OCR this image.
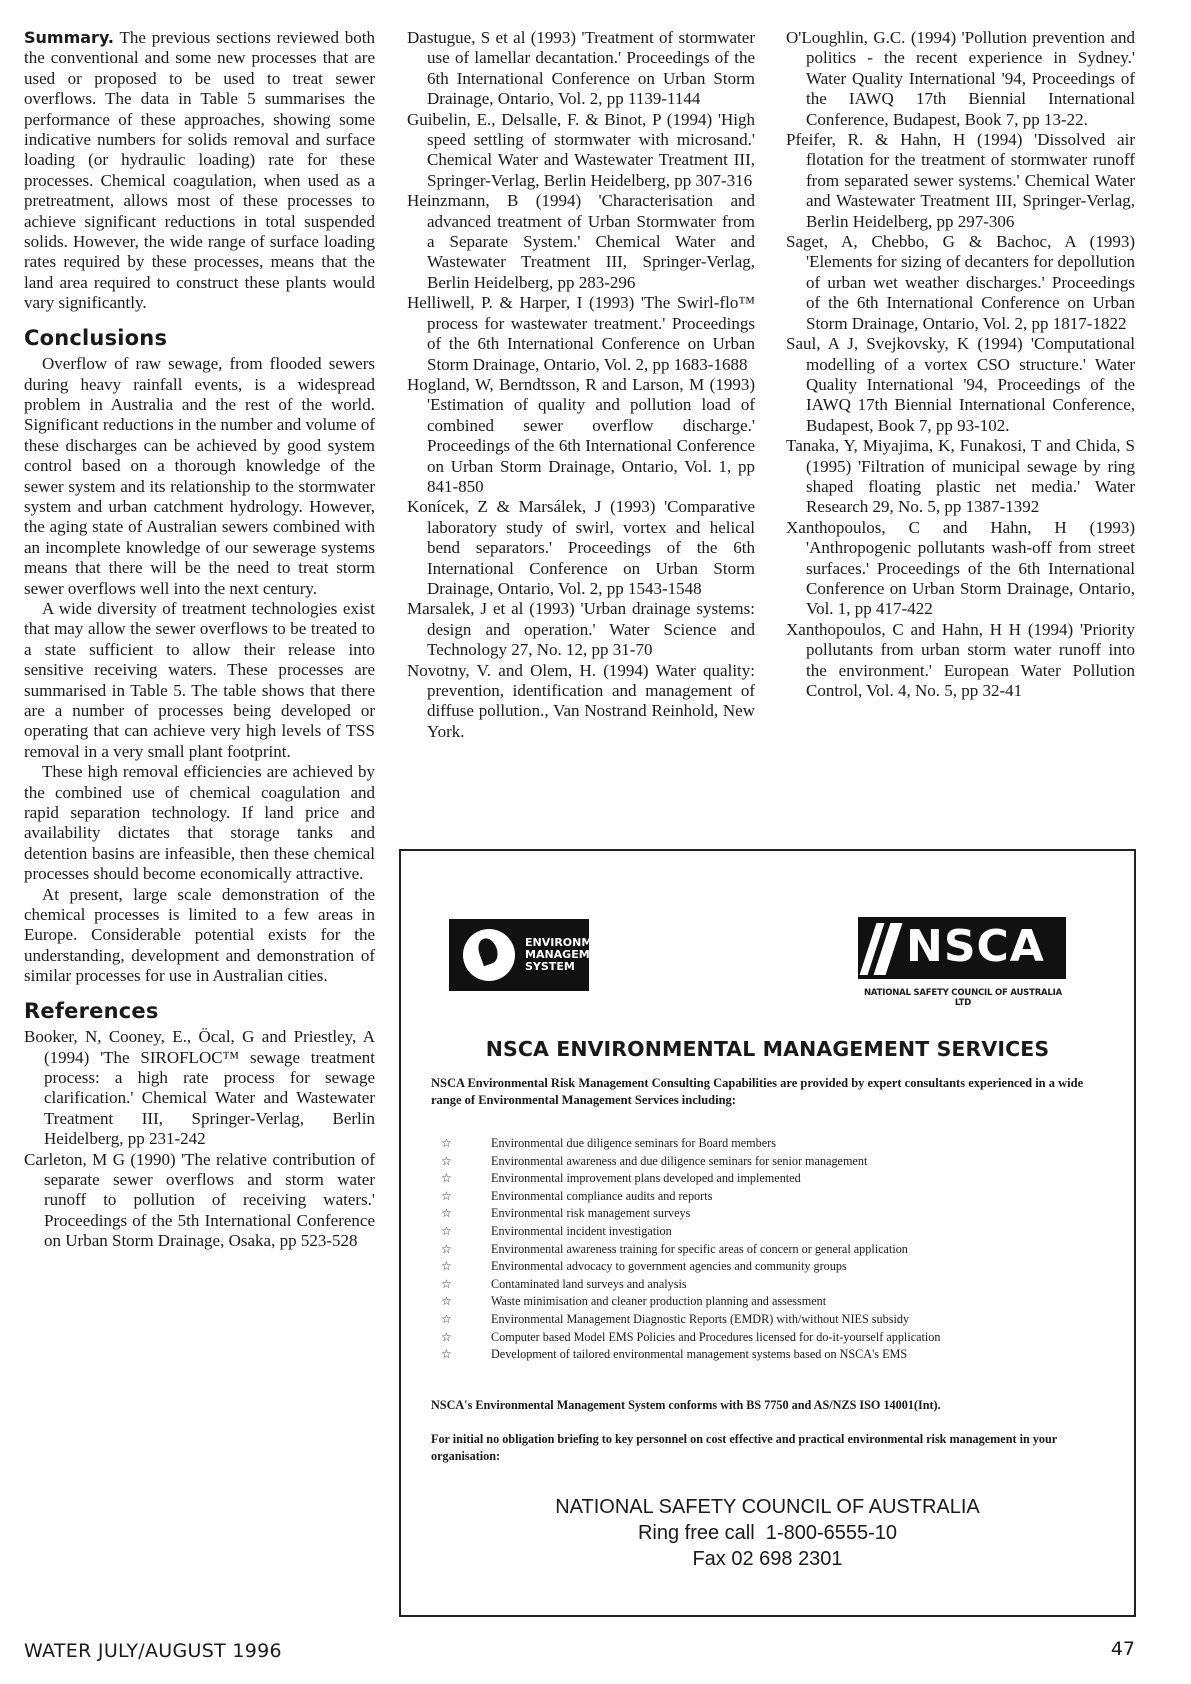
Summary. The previous sections reviewed both the conventional and some new processes that are used or proposed to be used to treat sewer overflows. The data in Table 5 summarises the performance of these approaches, showing some indicative numbers for solids removal and surface loading (or hydraulic loading) rate for these processes. Chemical coagulation, when used as a pretreatment, allows most of these processes to achieve significant reductions in total suspended solids. However, the wide range of surface loading rates required by these processes, means that the land area required to construct these plants would vary significantly.

Conclusions

Overflow of raw sewage, from flooded sewers during heavy rainfall events, is a widespread problem in Australia and the rest of the world. Significant reductions in the number and volume of these discharges can be achieved by good system control based on a thorough knowledge of the sewer system and its relationship to the stormwater system and urban catchment hydrology. However, the aging state of Australian sewers combined with an incomplete knowledge of our sewerage systems means that there will be the need to treat storm sewer overflows well into the next century.

A wide diversity of treatment technologies exist that may allow the sewer overflows to be treated to a state sufficient to allow their release into sensitive receiving waters. These processes are summarised in Table 5. The table shows that there are a number of processes being developed or operating that can achieve very high levels of TSS removal in a very small plant footprint.

These high removal efficiencies are achieved by the combined use of chemical coagulation and rapid separation technology. If land price and availability dictates that storage tanks and detention basins are infeasible, then these chemical processes should become economically attractive.

At present, large scale demonstration of the chemical processes is limited to a few areas in Europe. Considerable potential exists for the understanding, development and demonstration of similar processes for use in Australian cities.

References

Booker, N, Cooney, E., Öcal, G and Priestley, A (1994) 'The SIROFLOC™ sewage treatment process: a high rate process for sewage clarification.' Chemical Water and Wastewater Treatment III, Springer-Verlag, Berlin Heidelberg, pp 231-242

Carleton, M G (1990) 'The relative contribution of separate sewer overflows and storm water runoff to pollution of receiving waters.' Proceedings of the 5th International Conference on Urban Storm Drainage, Osaka, pp 523-528

Dastugue, S et al (1993) 'Treatment of stormwater use of lamellar decantation.' Proceedings of the 6th International Conference on Urban Storm Drainage, Ontario, Vol. 2, pp 1139-1144

Guibelin, E., Delsalle, F. & Binot, P (1994) 'High speed settling of stormwater with microsand.' Chemical Water and Wastewater Treatment III, Springer-Verlag, Berlin Heidelberg, pp 307-316

Heinzmann, B (1994) 'Characterisation and advanced treatment of Urban Stormwater from a Separate System.' Chemical Water and Wastewater Treatment III, Springer-Verlag, Berlin Heidelberg, pp 283-296

Helliwell, P. & Harper, I (1993) 'The Swirl-flo™ process for wastewater treatment.' Proceedings of the 6th International Conference on Urban Storm Drainage, Ontario, Vol. 2, pp 1683-1688

Hogland, W, Berndtsson, R and Larson, M (1993) 'Estimation of quality and pollution load of combined sewer overflow discharge.' Proceedings of the 6th International Conference on Urban Storm Drainage, Ontario, Vol. 1, pp 841-850

Konícek, Z & Marsálek, J (1993) 'Comparative laboratory study of swirl, vortex and helical bend separators.' Proceedings of the 6th International Conference on Urban Storm Drainage, Ontario, Vol. 2, pp 1543-1548

Marsalek, J et al (1993) 'Urban drainage systems: design and operation.' Water Science and Technology 27, No. 12, pp 31-70

Novotny, V. and Olem, H. (1994) Water quality: prevention, identification and management of diffuse pollution., Van Nostrand Reinhold, New York.

O'Loughlin, G.C. (1994) 'Pollution prevention and politics - the recent experience in Sydney.' Water Quality International '94, Proceedings of the IAWQ 17th Biennial International Conference, Budapest, Book 7, pp 13-22.

Pfeifer, R. & Hahn, H (1994) 'Dissolved air flotation for the treatment of stormwater runoff from separated sewer systems.' Chemical Water and Wastewater Treatment III, Springer-Verlag, Berlin Heidelberg, pp 297-306

Saget, A, Chebbo, G & Bachoc, A (1993) 'Elements for sizing of decanters for depollution of urban wet weather discharges.' Proceedings of the 6th International Conference on Urban Storm Drainage, Ontario, Vol. 2, pp 1817-1822

Saul, A J, Svejkovsky, K (1994) 'Computational modelling of a vortex CSO structure.' Water Quality International '94, Proceedings of the IAWQ 17th Biennial International Conference, Budapest, Book 7, pp 93-102.

Tanaka, Y, Miyajima, K, Funakosi, T and Chida, S (1995) 'Filtration of municipal sewage by ring shaped floating plastic net media.' Water Research 29, No. 5, pp 1387-1392

Xanthopoulos, C and Hahn, H (1993) 'Anthropogenic pollutants wash-off from street surfaces.' Proceedings of the 6th International Conference on Urban Storm Drainage, Ontario, Vol. 1, pp 417-422

Xanthopoulos, C and Hahn, H H (1994) 'Priority pollutants from urban storm water runoff into the environment.' European Water Pollution Control, Vol. 4, No. 5, pp 32-41

ENVIRONMENTAL
MANAGEMENT
SYSTEM	NSCA
NATIONAL SAFETY COUNCIL OF AUSTRALIA LTD
NSCA ENVIRONMENTAL MANAGEMENT SERVICES
NSCA Environmental Risk Management Consulting Capabilities are provided by expert consultants experienced in a wide range of Environmental Management Services including:
☆	Environmental due diligence seminars for Board members
☆	Environmental awareness and due diligence seminars for senior management
☆	Environmental improvement plans developed and implemented
☆	Environmental compliance audits and reports
☆	Environmental risk management surveys
☆	Environmental incident investigation
☆	Environmental awareness training for specific areas of concern or general application
☆	Environmental advocacy to government agencies and community groups
☆	Contaminated land surveys and analysis
☆	Waste minimisation and cleaner production planning and assessment
☆	Environmental Management Diagnostic Reports (EMDR) with/without NIES subsidy
☆	Computer based Model EMS Policies and Procedures licensed for do-it-yourself application
☆	Development of tailored environmental management systems based on NSCA's EMS
NSCA's Environmental Management System conforms with BS 7750 and AS/NZS ISO 14001(Int).
For initial no obligation briefing to key personnel on cost effective and practical environmental risk management in your organisation:
NATIONAL SAFETY COUNCIL OF AUSTRALIA
Ring free call  1-800-6555-10
Fax 02 698 2301
WATER JULY/AUGUST 1996	47
